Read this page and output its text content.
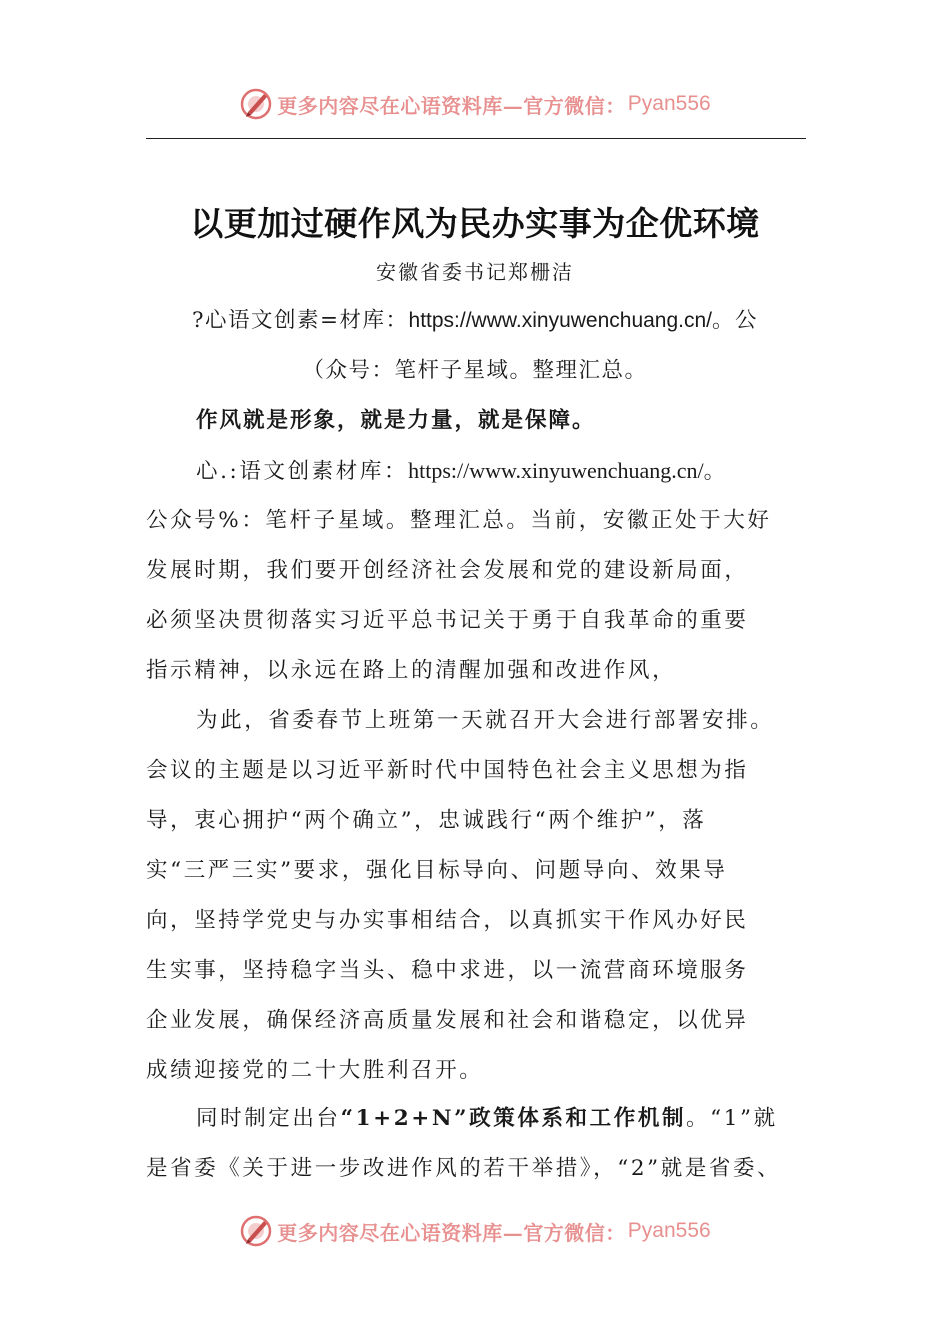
更多内容尽在心语资料库—官方微信： Pyan556
以更加过硬作风为民办实事为企优环境
安徽省委书记郑栅洁
?心语文创素=材库：https://www.xinyuwenchuang.cn/。公
（众号：笔杆子星域。整理汇总。
作风就是形象，就是力量，就是保障。
心.:语文创素材库：https://www.xinyuwenchuang.cn/。
公众号%：笔杆子星域。整理汇总。当前，安徽正处于大好
发展时期，我们要开创经济社会发展和党的建设新局面，
必须坚决贯彻落实习近平总书记关于勇于自我革命的重要
指示精神，以永远在路上的清醒加强和改进作风，
为此，省委春节上班第一天就召开大会进行部署安排。
会议的主题是以习近平新时代中国特色社会主义思想为指
导，衷心拥护“两个确立”，忠诚践行“两个维护”，落
实“三严三实”要求，强化目标导向、问题导向、效果导
向，坚持学党史与办实事相结合，以真抓实干作风办好民
生实事，坚持稳字当头、稳中求进，以一流营商环境服务
企业发展，确保经济高质量发展和社会和谐稳定，以优异
成绩迎接党的二十大胜利召开。
同时制定出台“1+2+N”政策体系和工作机制。“1”就
是省委《关于进一步改进作风的若干举措》，“2”就是省委、
更多内容尽在心语资料库—官方微信： Pyan556
